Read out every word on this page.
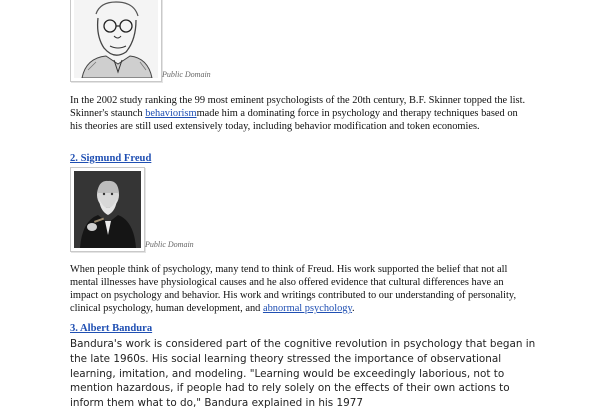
Public Domain

In the 2002 study ranking the 99 most eminent psychologists of the 20th century, B.F. Skinner topped the list. Skinner's staunch behaviorismmade him a dominating force in psychology and therapy techniques based on his theories are still used extensively today, including behavior modification and token economies.

2. Sigmund Freud
Public Domain

When people think of psychology, many tend to think of Freud. His work supported the belief that not all mental illnesses have physiological causes and he also offered evidence that cultural differences have an impact on psychology and behavior. His work and writings contributed to our understanding of personality, clinical psychology, human development, and abnormal psychology.

3. Albert Bandura

Bandura's work is considered part of the cognitive revolution in psychology that began in the late 1960s. His social learning theory stressed the importance of observational learning, imitation, and modeling. "Learning would be exceedingly laborious, not to mention hazardous, if people had to rely solely on the effects of their own actions to inform them what to do," Bandura explained in his 1977
